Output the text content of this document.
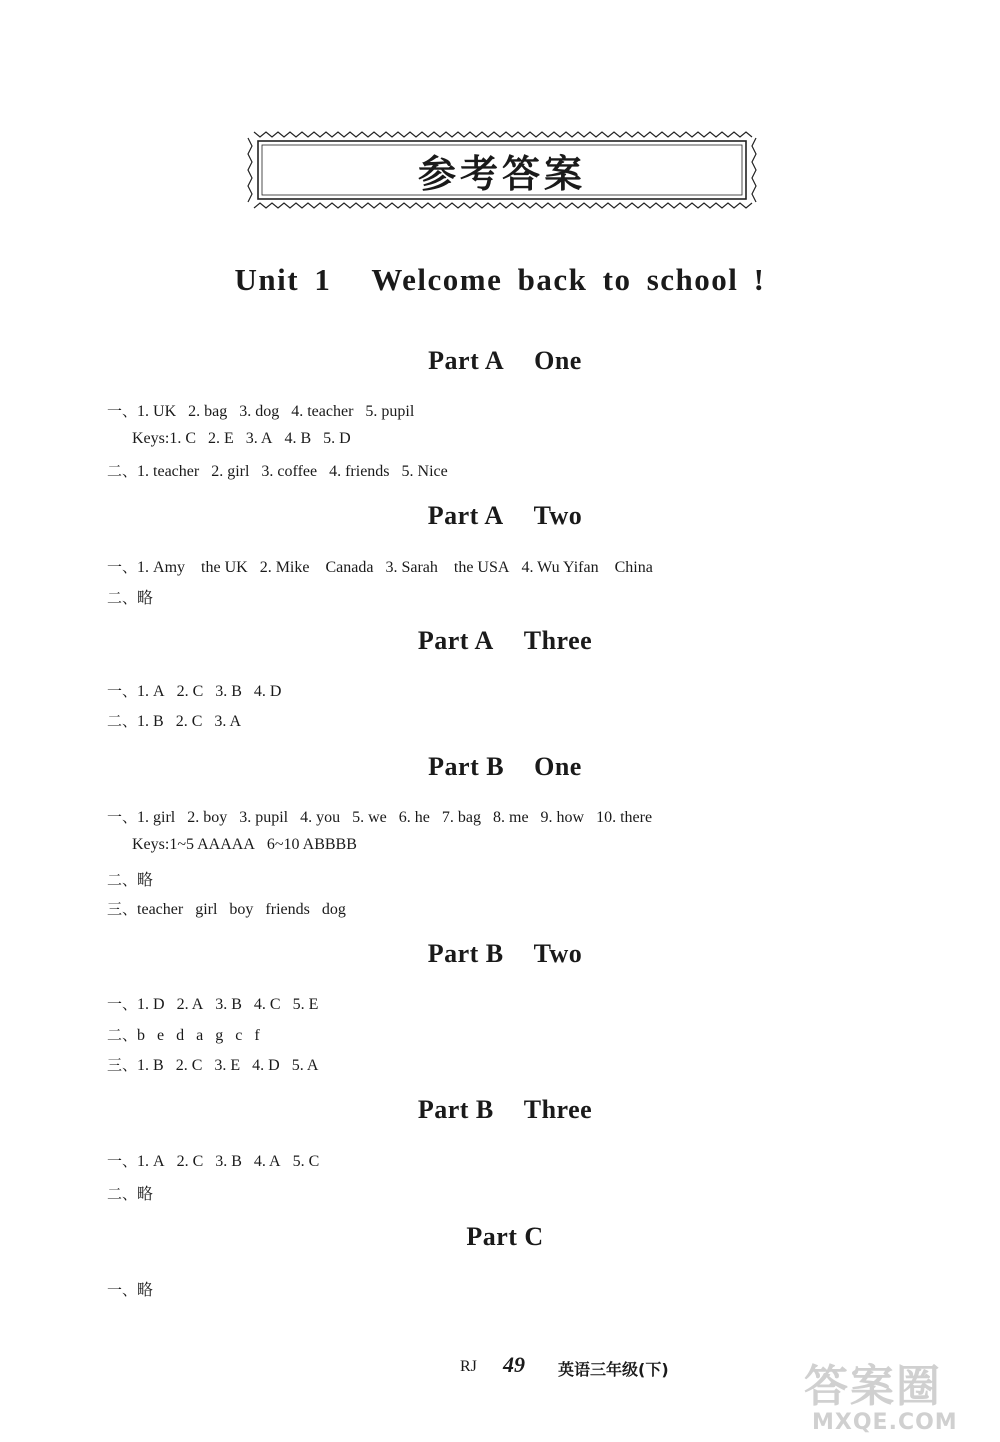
参考答案
Unit 1 Welcome back to school !
Part A One
一、1. UK 2. bag 3. dog 4. teacher 5. pupil
Keys:1. C 2. E 3. A 4. B 5. D
二、1. teacher 2. girl 3. coffee 4. friends 5. Nice
Part A Two
一、1. Amy　the UK 2. Mike　Canada 3. Sarah　the USA 4. Wu Yifan　China
二、略
Part A Three
一、1. A 2. C 3. B 4. D
二、1. B 2. C 3. A
Part B One
一、1. girl 2. boy 3. pupil 4. you 5. we 6. he 7. bag 8. me 9. how 10. there
Keys:1~5 AAAAA 6~10 ABBBB
二、略
三、teacher girl boy friends dog
Part B Two
一、1. D 2. A 3. B 4. C 5. E
二、b e d a g c f
三、1. B 2. C 3. E 4. D 5. A
Part B Three
一、1. A 2. C 3. B 4. A 5. C
二、略
Part C
一、略
RJ 49 英语三年级(下)	答案圈
MXQE.COM
